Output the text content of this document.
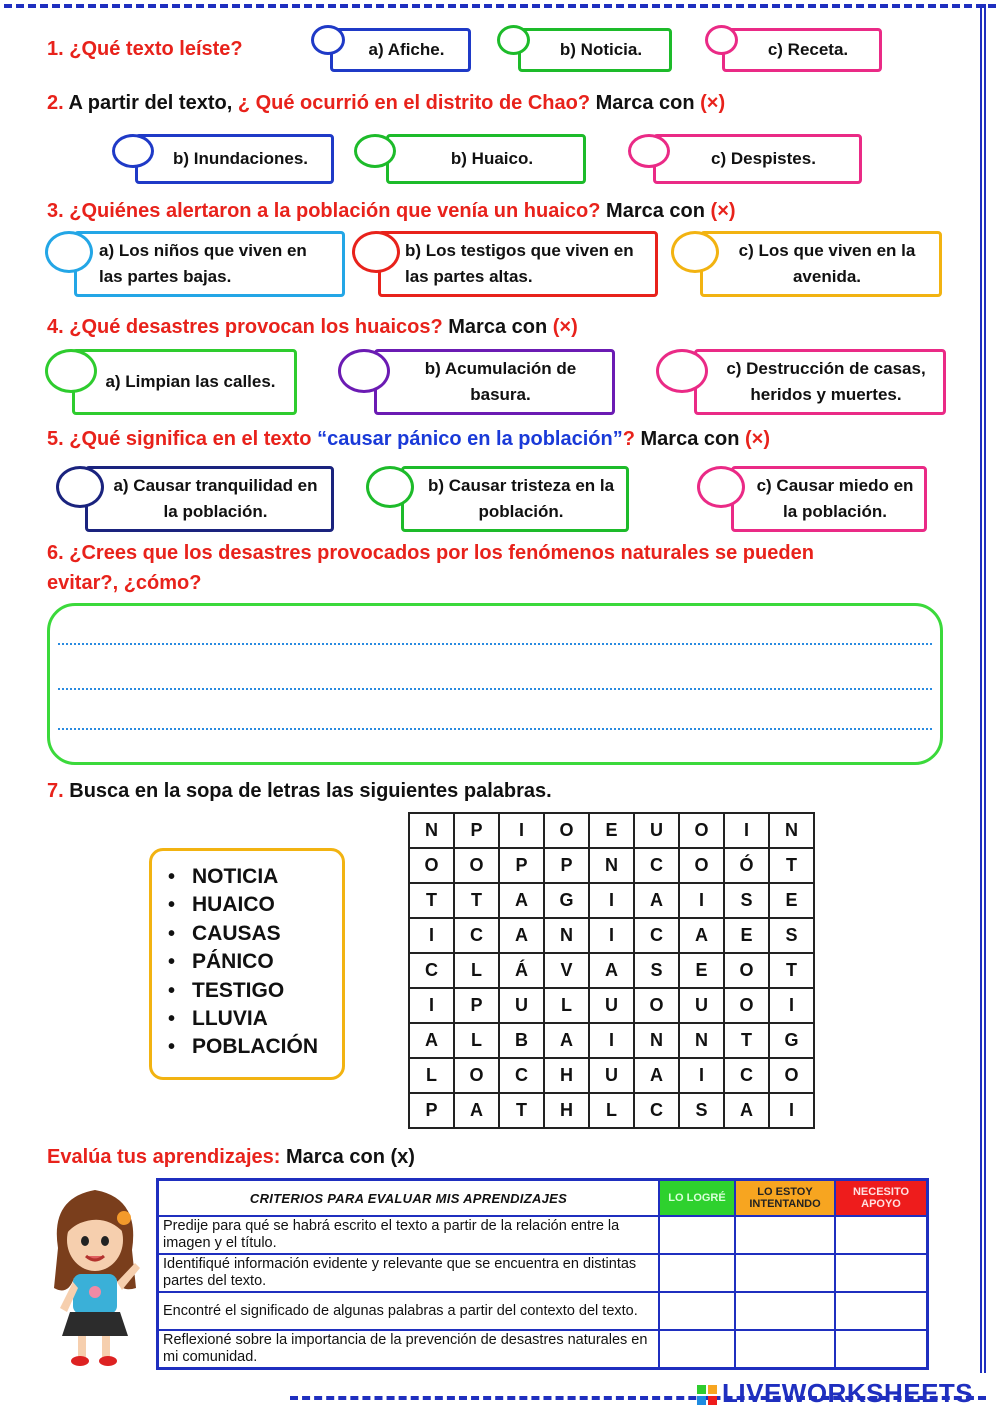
1. ¿Qué texto leíste?	a) Afiche.	b) Noticia.	c) Receta.
2. A partir del texto, ¿ Qué ocurrió en el distrito de Chao? Marca con (×)
b) Inundaciones.	b) Huaico.	c) Despistes.
3. ¿Quiénes alertaron a la población que venía un huaico? Marca con (×)
a) Los niños que viven en las partes bajas.
b) Los testigos que viven en las partes altas.
c) Los que viven en la avenida.
4. ¿Qué desastres provocan los huaicos? Marca con (×)
a) Limpian las calles.
b) Acumulación de basura.
c) Destrucción de casas, heridos y muertes.
5. ¿Qué significa en el texto “causar pánico en la población”? Marca con (×)
a) Causar tranquilidad en la población.
b) Causar tristeza en la población.
c) Causar miedo en la población.
6. ¿Crees que los desastres provocados por los fenómenos naturales se pueden
evitar?, ¿cómo?
7. Busca en la sopa de letras las siguientes palabras.
• NOTICIA
• HUAICO
• CAUSAS
• PÁNICO
• TESTIGO
• LLUVIA
• POBLACIÓN
N	P	I	O	E	U	O	I	N
O	O	P	P	N	C	O	Ó	T
T	T	A	G	I	A	I	S	E
I	C	A	N	I	C	A	E	S
C	L	Á	V	A	S	E	O	T
I	P	U	L	U	O	U	O	I
A	L	B	A	I	N	N	T	G
L	O	C	H	U	A	I	C	O
P	A	T	H	L	C	S	A	I
Evalúa tus aprendizajes: Marca con (x)
CRITERIOS PARA EVALUAR MIS APRENDIZAJES	LO LOGRÉ	LO ESTOY INTENTANDO	NECESITO APOYO
Predije para qué se habrá escrito el texto a partir de la relación entre la imagen y el título.			
Identifiqué información evidente y relevante que se encuentra en distintas partes del texto.			
Encontré el significado de algunas palabras a partir del contexto del texto.			
Reflexioné sobre la importancia de la prevención de desastres naturales en mi comunidad.			
LIVEWORKSHEETS
